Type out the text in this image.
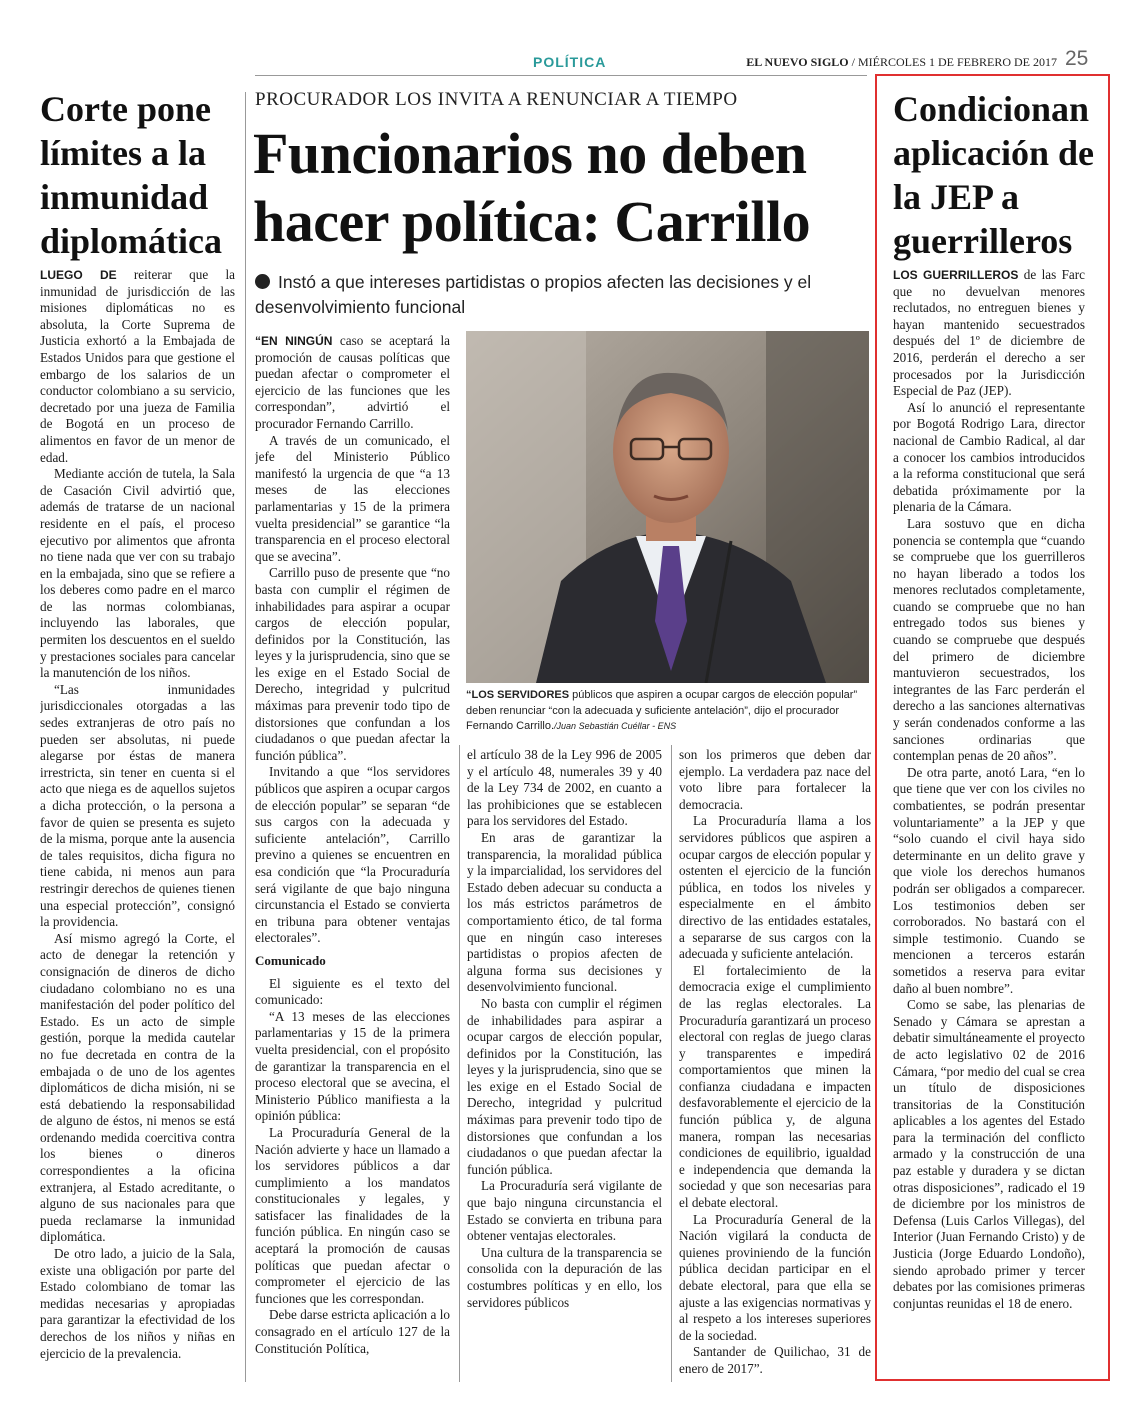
POLÍTICA	EL NUEVO SIGLO / MIÉRCOLES 1 DE FEBRERO DE 2017 25
Corte pone límites a la inmunidad diplomática

LUEGO DE reiterar que la inmunidad de jurisdicción de las misiones diplomáticas no es absoluta, la Corte Suprema de Justicia exhortó a la Embajada de Estados Unidos para que gestione el embargo de los salarios de un conductor colombiano a su servicio, decretado por una jueza de Familia de Bogotá en un proceso de alimentos en favor de un menor de edad.

Mediante acción de tutela, la Sala de Casación Civil advirtió que, además de tratarse de un nacional residente en el país, el proceso ejecutivo por alimentos que afronta no tiene nada que ver con su trabajo en la embajada, sino que se refiere a los deberes como padre en el marco de las normas colombianas, incluyendo las laborales, que permiten los descuentos en el sueldo y prestaciones sociales para cancelar la manutención de los niños.

“Las inmunidades jurisdiccionales otorgadas a las sedes extranjeras de otro país no pueden ser absolutas, ni puede alegarse por éstas de manera irrestricta, sin tener en cuenta si el acto que niega es de aquellos sujetos a dicha protección, o la persona a favor de quien se presenta es sujeto de la misma, porque ante la ausencia de tales requisitos, dicha figura no tiene cabida, ni menos aun para restringir derechos de quienes tienen una especial protección”, consignó la providencia.

Así mismo agregó la Corte, el acto de denegar la retención y consignación de dineros de dicho ciudadano colombiano no es una manifestación del poder político del Estado. Es un acto de simple gestión, porque la medida cautelar no fue decretada en contra de la embajada o de uno de los agentes diplomáticos de dicha misión, ni se está debatiendo la responsabilidad de alguno de éstos, ni menos se está ordenando medida coercitiva contra los bienes o dineros correspondientes a la oficina extranjera, al Estado acreditante, o alguno de sus nacionales para que pueda reclamarse la inmunidad diplomática.

De otro lado, a juicio de la Sala, existe una obligación por parte del Estado colombiano de tomar las medidas necesarias y apropiadas para garantizar la efectividad de los derechos de los niños y niñas en ejercicio de la prevalencia.

PROCURADOR LOS INVITA A RENUNCIAR A TIEMPO
Funcionarios no deben hacer política: Carrillo
Instó a que intereses partidistas o propios afecten las decisiones y el desenvolvimiento funcional

“EN NINGÚN caso se aceptará la promoción de causas políticas que puedan afectar o comprometer el ejercicio de las funciones que les correspondan”, advirtió el procurador Fernando Carrillo.

A través de un comunicado, el jefe del Ministerio Público manifestó la urgencia de que “a 13 meses de las elecciones parlamentarias y 15 de la primera vuelta presidencial” se garantice “la transparencia en el proceso electoral que se avecina”.

Carrillo puso de presente que “no basta con cumplir el régimen de inhabilidades para aspirar a ocupar cargos de elección popular, definidos por la Constitución, las leyes y la jurisprudencia, sino que se les exige en el Estado Social de Derecho, integridad y pulcritud máximas para prevenir todo tipo de distorsiones que confundan a los ciudadanos o que puedan afectar la función pública”.

Invitando a que “los servidores públicos que aspiren a ocupar cargos de elección popular” se separan “de sus cargos con la adecuada y suficiente antelación”, Carrillo previno a quienes se encuentren en esa condición que “la Procuraduría será vigilante de que bajo ninguna circunstancia el Estado se convierta en tribuna para obtener ventajas electorales”.

Comunicado

El siguiente es el texto del comunicado:

“A 13 meses de las elecciones parlamentarias y 15 de la primera vuelta presidencial, con el propósito de garantizar la transparencia en el proceso electoral que se avecina, el Ministerio Público manifiesta a la opinión pública:

La Procuraduría General de la Nación advierte y hace un llamado a los servidores públicos a dar cumplimiento a los mandatos constitucionales y legales, y satisfacer las finalidades de la función pública. En ningún caso se aceptará la promoción de causas políticas que puedan afectar o comprometer el ejercicio de las funciones que les correspondan.

Debe darse estricta aplicación a lo consagrado en el artículo 127 de la Constitución Política,

“LOS SERVIDORES públicos que aspiren a ocupar cargos de elección popular” deben renunciar “con la adecuada y suficiente antelación”, dijo el procurador Fernando Carrillo./Juan Sebastián Cuéllar - ENS

el artículo 38 de la Ley 996 de 2005 y el artículo 48, numerales 39 y 40 de la Ley 734 de 2002, en cuanto a las prohibiciones que se establecen para los servidores del Estado.

En aras de garantizar la transparencia, la moralidad pública y la imparcialidad, los servidores del Estado deben adecuar su conducta a los más estrictos parámetros de comportamiento ético, de tal forma que en ningún caso intereses partidistas o propios afecten de alguna forma sus decisiones y desenvolvimiento funcional.

No basta con cumplir el régimen de inhabilidades para aspirar a ocupar cargos de elección popular, definidos por la Constitución, las leyes y la jurisprudencia, sino que se les exige en el Estado Social de Derecho, integridad y pulcritud máximas para prevenir todo tipo de distorsiones que confundan a los ciudadanos o que puedan afectar la función pública.

La Procuraduría será vigilante de que bajo ninguna circunstancia el Estado se convierta en tribuna para obtener ventajas electorales.

Una cultura de la transparencia se consolida con la depuración de las costumbres políticas y en ello, los servidores públicos

son los primeros que deben dar ejemplo. La verdadera paz nace del voto libre para fortalecer la democracia.

La Procuraduría llama a los servidores públicos que aspiren a ocupar cargos de elección popular y ostenten el ejercicio de la función pública, en todos los niveles y especialmente en el ámbito directivo de las entidades estatales, a separarse de sus cargos con la adecuada y suficiente antelación.

El fortalecimiento de la democracia exige el cumplimiento de las reglas electorales. La Procuraduría garantizará un proceso electoral con reglas de juego claras y transparentes e impedirá comportamientos que minen la confianza ciudadana e impacten desfavorablemente el ejercicio de la función pública y, de alguna manera, rompan las necesarias condiciones de equilibrio, igualdad e independencia que demanda la sociedad y que son necesarias para el debate electoral.

La Procuraduría General de la Nación vigilará la conducta de quienes proviniendo de la función pública decidan participar en el debate electoral, para que ella se ajuste a las exigencias normativas y al respeto a los intereses superiores de la sociedad.

Santander de Quilichao, 31 de enero de 2017”.

Condicionan aplicación de la JEP a guerrilleros

LOS GUERRILLEROS de las Farc que no devuelvan menores reclutados, no entreguen bienes y hayan mantenido secuestrados después del 1º de diciembre de 2016, perderán el derecho a ser procesados por la Jurisdicción Especial de Paz (JEP).

Así lo anunció el representante por Bogotá Rodrigo Lara, director nacional de Cambio Radical, al dar a conocer los cambios introducidos a la reforma constitucional que será debatida próximamente por la plenaria de la Cámara.

Lara sostuvo que en dicha ponencia se contempla que “cuando se compruebe que los guerrilleros no hayan liberado a todos los menores reclutados completamente, cuando se compruebe que no han entregado todos sus bienes y cuando se compruebe que después del primero de diciembre mantuvieron secuestrados, los integrantes de las Farc perderán el derecho a las sanciones alternativas y serán condenados conforme a las sanciones ordinarias que contemplan penas de 20 años”.

De otra parte, anotó Lara, “en lo que tiene que ver con los civiles no combatientes, se podrán presentar voluntariamente” a la JEP y que “solo cuando el civil haya sido determinante en un delito grave y que viole los derechos humanos podrán ser obligados a comparecer. Los testimonios deben ser corroborados. No bastará con el simple testimonio. Cuando se mencionen a terceros estarán sometidos a reserva para evitar daño al buen nombre”.

Como se sabe, las plenarias de Senado y Cámara se aprestan a debatir simultáneamente el proyecto de acto legislativo 02 de 2016 Cámara, “por medio del cual se crea un título de disposiciones transitorias de la Constitución aplicables a los agentes del Estado para la terminación del conflicto armado y la construcción de una paz estable y duradera y se dictan otras disposiciones”, radicado el 19 de diciembre por los ministros de Defensa (Luis Carlos Villegas), del Interior (Juan Fernando Cristo) y de Justicia (Jorge Eduardo Londoño), siendo aprobado primer y tercer debates por las comisiones primeras conjuntas reunidas el 18 de enero.
